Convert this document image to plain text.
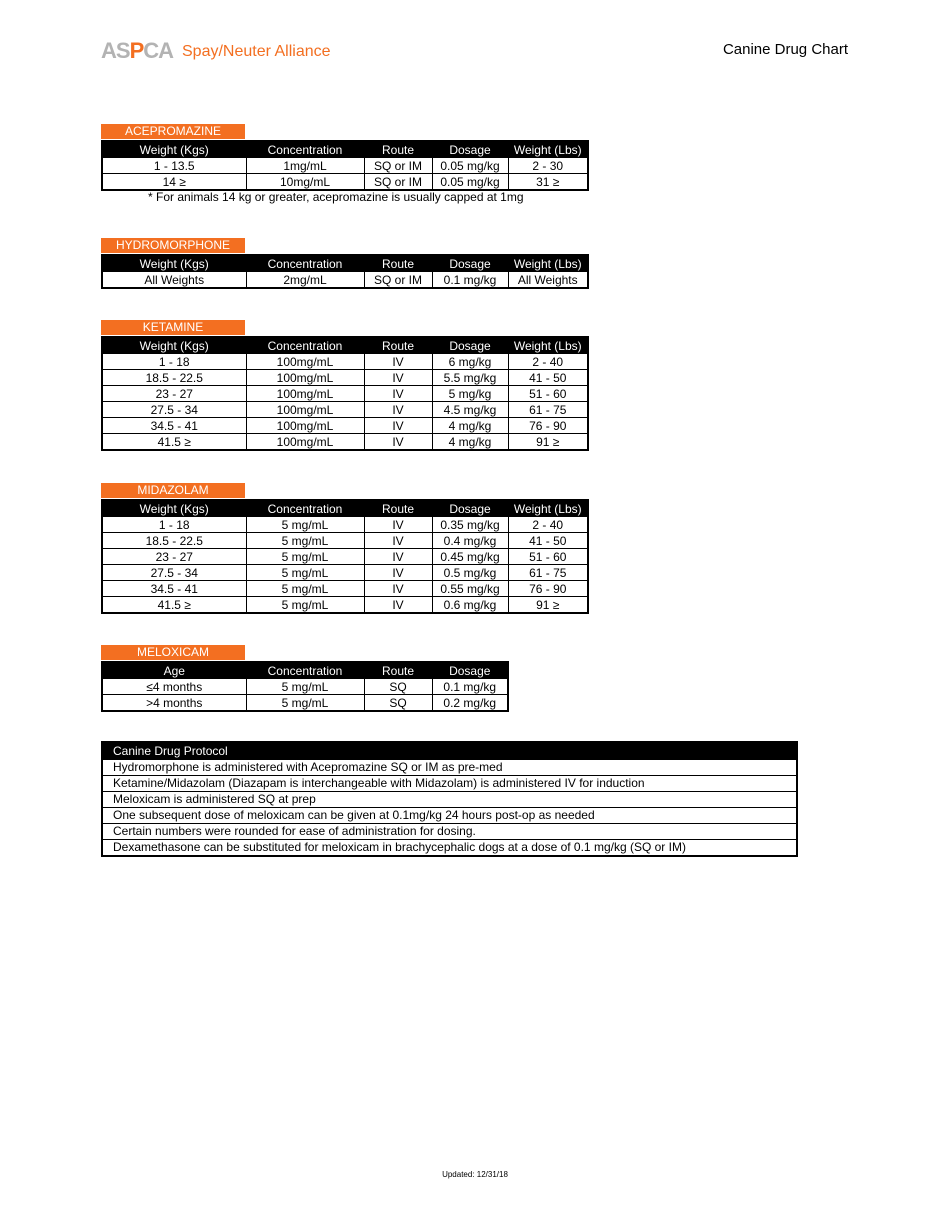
ASPCA Spay/Neuter Alliance	Canine Drug Chart
ACEPROMAZINE
Weight (Kgs)	Concentration	Route	Dosage	Weight (Lbs)
1 - 13.5	1mg/mL	SQ or IM	0.05 mg/kg	2 - 30
14 ≥	10mg/mL	SQ or IM	0.05 mg/kg	31 ≥
* For animals 14 kg or greater, acepromazine is usually capped at 1mg
HYDROMORPHONE
Weight (Kgs)	Concentration	Route	Dosage	Weight (Lbs)
All Weights	2mg/mL	SQ or IM	0.1 mg/kg	All Weights
KETAMINE
Weight (Kgs)	Concentration	Route	Dosage	Weight (Lbs)
1 - 18	100mg/mL	IV	6 mg/kg	2 - 40
18.5 - 22.5	100mg/mL	IV	5.5 mg/kg	41 - 50
23 - 27	100mg/mL	IV	5 mg/kg	51 - 60
27.5 - 34	100mg/mL	IV	4.5 mg/kg	61 - 75
34.5 - 41	100mg/mL	IV	4 mg/kg	76 - 90
41.5 ≥	100mg/mL	IV	4 mg/kg	91 ≥
MIDAZOLAM
Weight (Kgs)	Concentration	Route	Dosage	Weight (Lbs)
1 - 18	5 mg/mL	IV	0.35 mg/kg	2 - 40
18.5 - 22.5	5 mg/mL	IV	0.4 mg/kg	41 - 50
23 - 27	5 mg/mL	IV	0.45 mg/kg	51 - 60
27.5 - 34	5 mg/mL	IV	0.5 mg/kg	61 - 75
34.5 - 41	5 mg/mL	IV	0.55 mg/kg	76 - 90
41.5 ≥	5 mg/mL	IV	0.6 mg/kg	91 ≥
MELOXICAM
Age	Concentration	Route	Dosage
≤4 months	5 mg/mL	SQ	0.1 mg/kg
>4 months	5 mg/mL	SQ	0.2 mg/kg
Canine Drug Protocol
Hydromorphone is administered with Acepromazine SQ or IM as pre-med
Ketamine/Midazolam (Diazapam is interchangeable with Midazolam) is administered IV for induction
Meloxicam is administered SQ at prep
One subsequent dose of meloxicam can be given at 0.1mg/kg 24 hours post-op as needed
Certain numbers were rounded for ease of administration for dosing.
Dexamethasone can be substituted for meloxicam in brachycephalic dogs at a dose of 0.1 mg/kg (SQ or IM)
Updated: 12/31/18
